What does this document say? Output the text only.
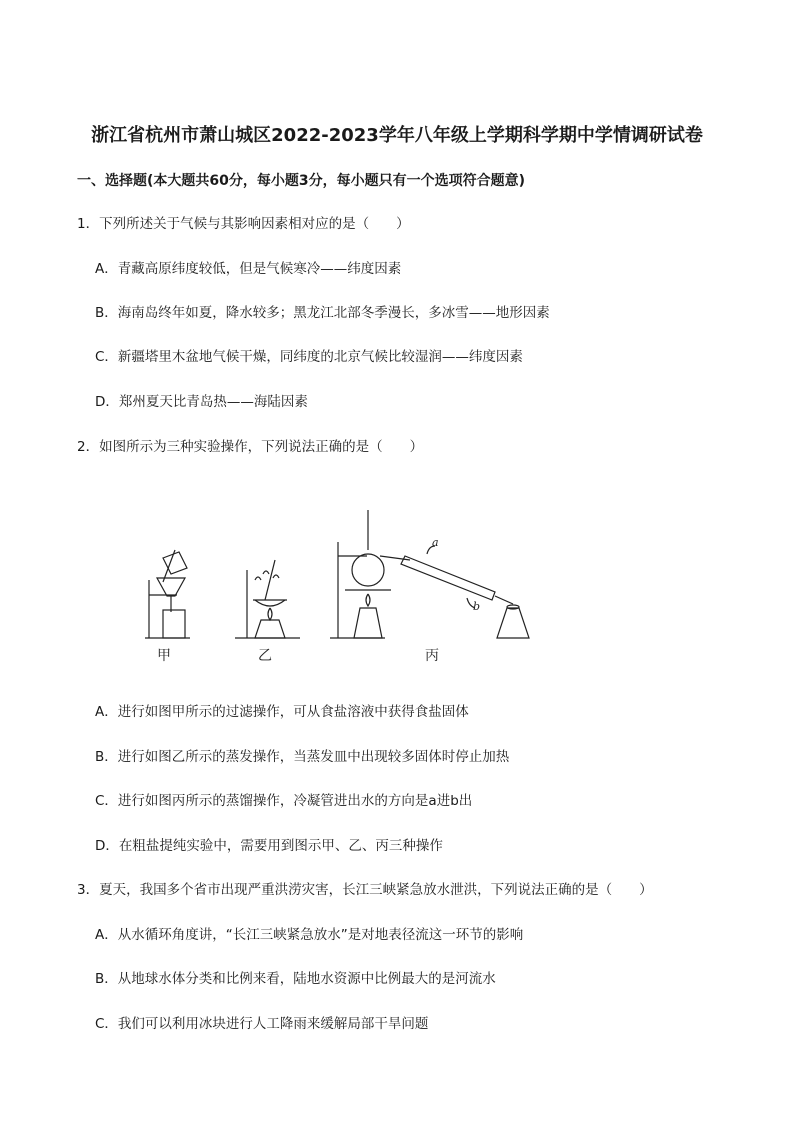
浙江省杭州市萧山城区2022-2023学年八年级上学期科学期中学情调研试卷
一、选择题(本大题共60分，每小题3分，每小题只有一个选项符合题意)
1．下列所述关于气候与其影响因素相对应的是（　　）
A．青藏高原纬度较低，但是气候寒冷——纬度因素
B．海南岛终年如夏，降水较多；黑龙江北部冬季漫长，多冰雪——地形因素
C．新疆塔里木盆地气候干燥，同纬度的北京气候比较湿润——纬度因素
D．郑州夏天比青岛热——海陆因素
2．如图所示为三种实验操作，下列说法正确的是（　　）
a
b
甲	乙	丙
A．进行如图甲所示的过滤操作，可从食盐溶液中获得食盐固体
B．进行如图乙所示的蒸发操作，当蒸发皿中出现较多固体时停止加热
C．进行如图丙所示的蒸馏操作，冷凝管进出水的方向是a进b出
D．在粗盐提纯实验中，需要用到图示甲、乙、丙三种操作
3．夏天，我国多个省市出现严重洪涝灾害，长江三峡紧急放水泄洪，下列说法正确的是（　　）
A．从水循环角度讲，“长江三峡紧急放水”是对地表径流这一环节的影响
B．从地球水体分类和比例来看，陆地水资源中比例最大的是河流水
C．我们可以利用冰块进行人工降雨来缓解局部干旱问题
